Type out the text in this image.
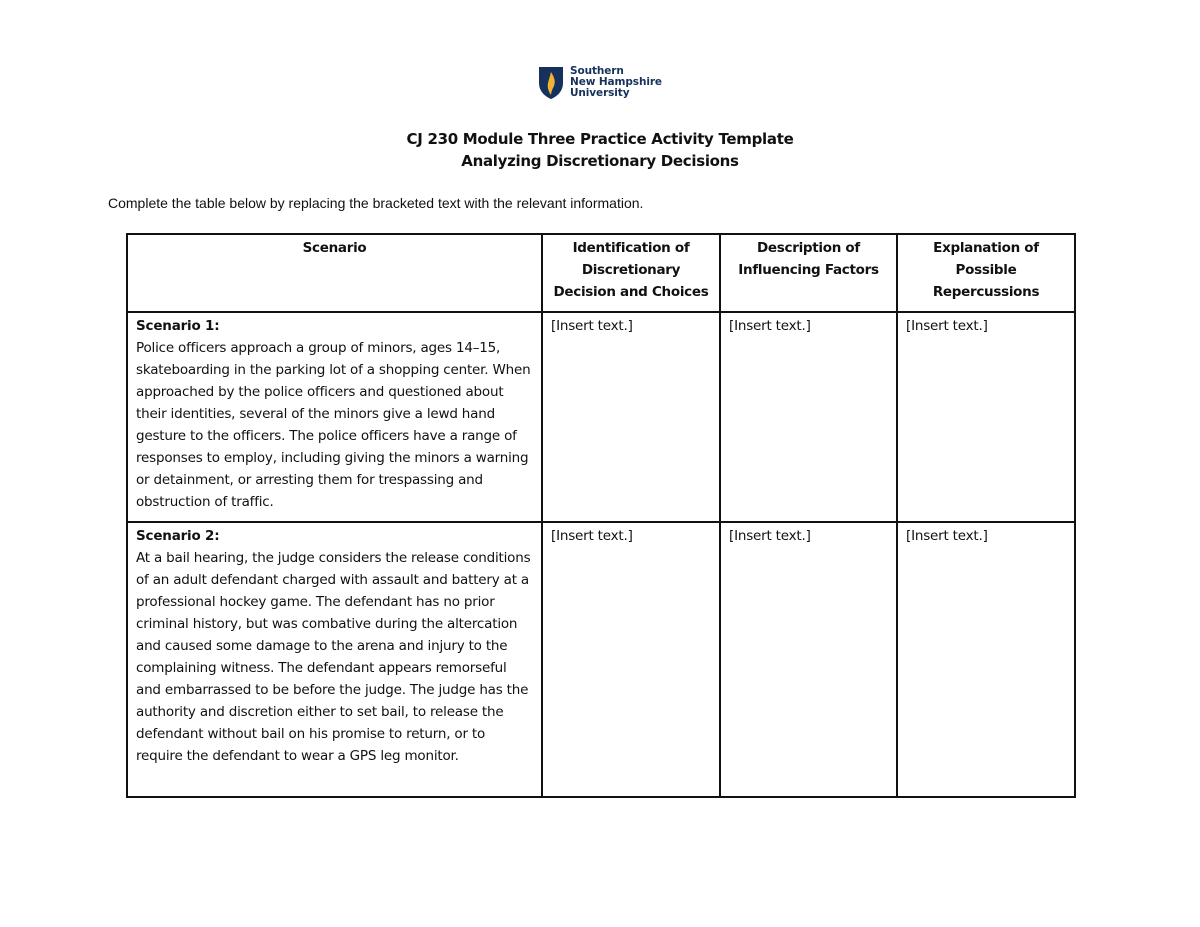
Southern
New Hampshire
University
CJ 230 Module Three Practice Activity Template
Analyzing Discretionary Decisions
Complete the table below by replacing the bracketed text with the relevant information.
Scenario	Identification of Discretionary Decision and Choices	Description of Influencing Factors	Explanation of Possible Repercussions

Scenario 1:
Police officers approach a group of minors, ages 14–15, skateboarding in the parking lot of a shopping center. When approached by the police officers and questioned about their identities, several of the minors give a lewd hand gesture to the officers. The police officers have a range of responses to employ, including giving the minors a warning or detainment, or arresting them for trespassing and obstruction of traffic.	[Insert text.]	[Insert text.]	[Insert text.]

Scenario 2:
At a bail hearing, the judge considers the release conditions of an adult defendant charged with assault and battery at a professional hockey game. The defendant has no prior criminal history, but was combative during the altercation and caused some damage to the arena and injury to the complaining witness. The defendant appears remorseful and embarrassed to be before the judge. The judge has the authority and discretion either to set bail, to release the defendant without bail on his promise to return, or to require the defendant to wear a GPS leg monitor.	[Insert text.]	[Insert text.]	[Insert text.]
